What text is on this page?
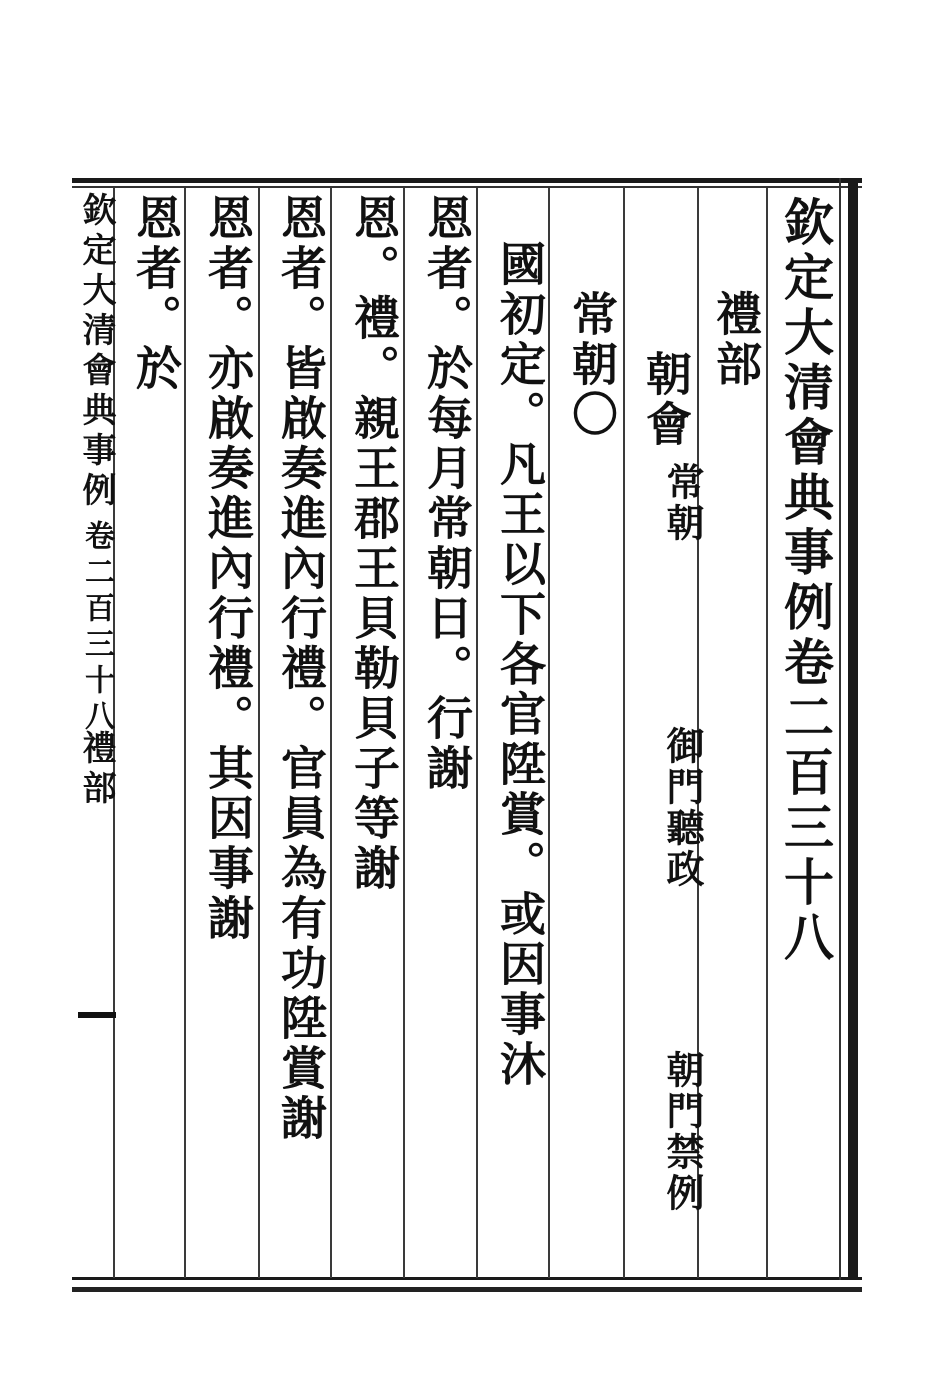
欽定大清會典事例卷二百三十八
禮部
朝會
常朝
御門聽政
朝門禁例
常朝〇
國初定。凡王以下各官陞賞。或因事沐
恩者。於每月常朝日。行謝
恩。禮。親王郡王貝勒貝子等謝
恩者。皆啟奏進內行禮。官員為有功陞賞謝
恩者。亦啟奏進內行禮。其因事謝
恩者。於
欽定大清會典事例
卷二百三十八
禮部
